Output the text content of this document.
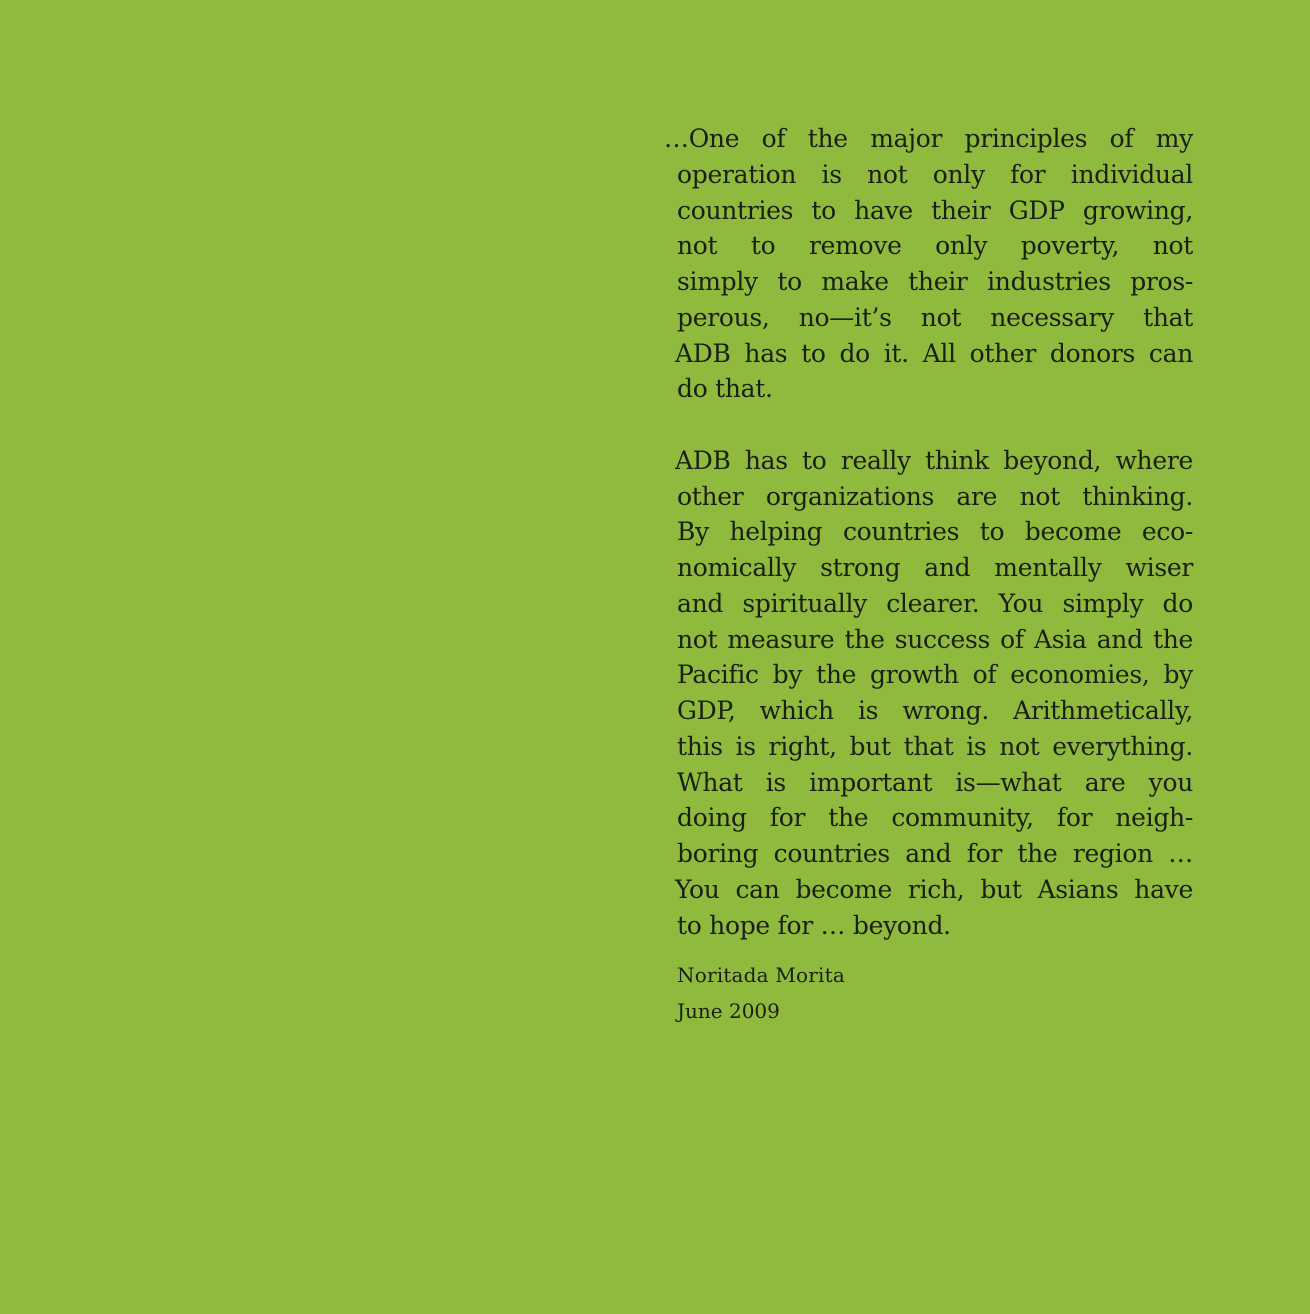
…One of the major principles of my
operation is not only for individual
countries to have their GDP growing,
not to remove only poverty, not
simply to make their industries pros-
perous, no—it’s not necessary that
ADB has to do it. All other donors can
do that.
ADB has to really think beyond, where
other organizations are not thinking.
By helping countries to become eco-
nomically strong and mentally wiser
and spiritually clearer. You simply do
not measure the success of Asia and the
Pacific by the growth of economies, by
GDP, which is wrong. Arithmetically,
this is right, but that is not everything.
What is important is—what are you
doing for the community, for neigh-
boring countries and for the region …
You can become rich, but Asians have
to hope for … beyond.
Noritada Morita
June 2009
